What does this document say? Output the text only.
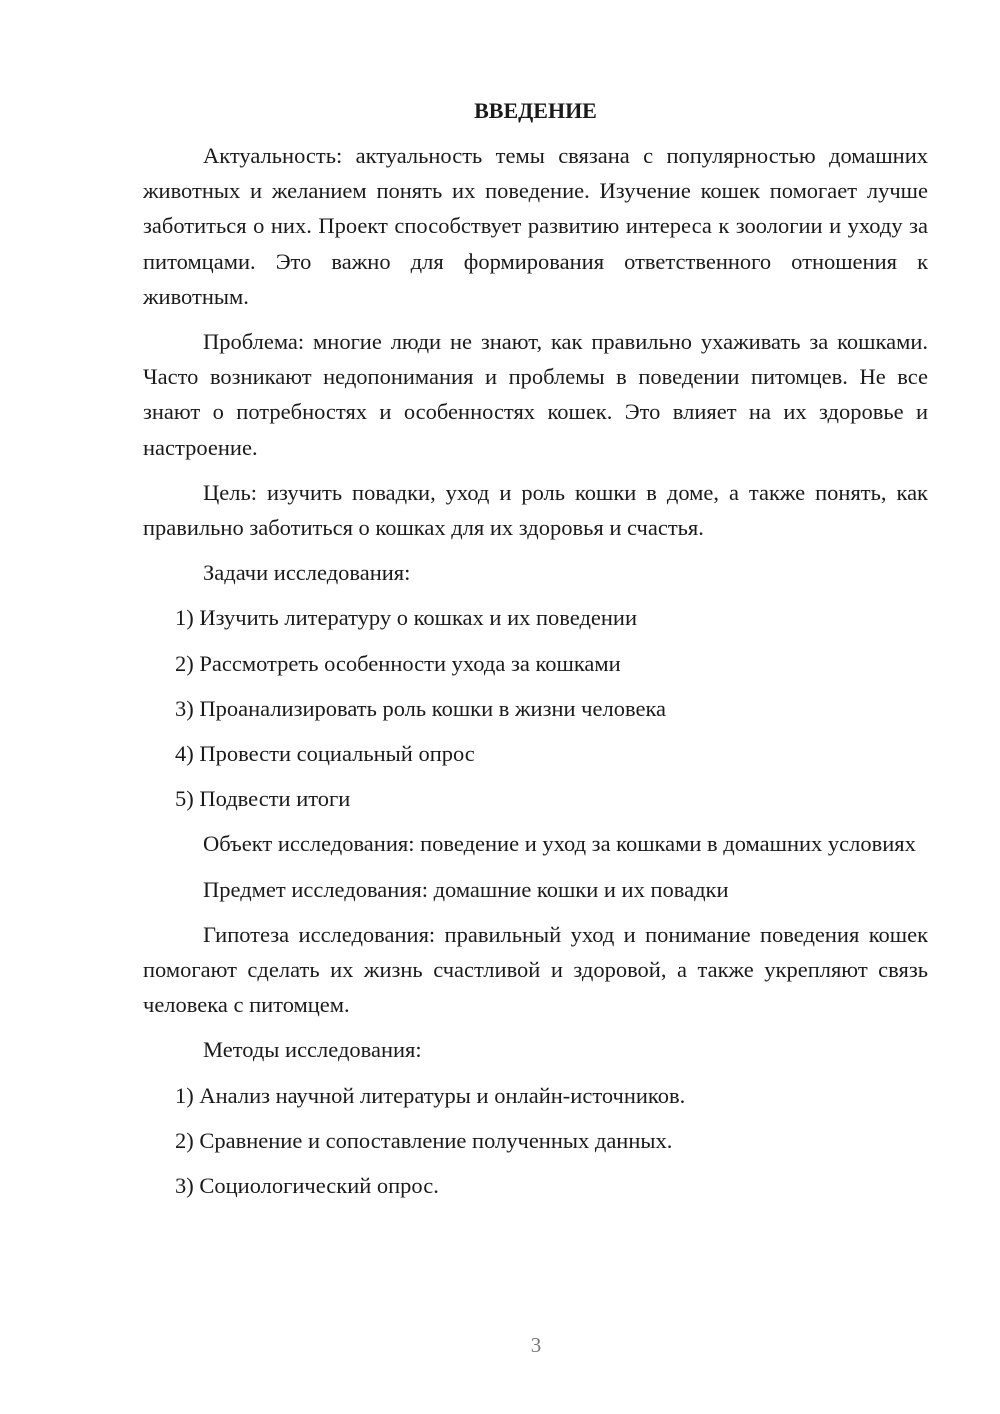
ВВЕДЕНИЕ

Актуальность: актуальность темы связана с популярностью домашних животных и желанием понять их поведение. Изучение кошек помогает лучше заботиться о них. Проект способствует развитию интереса к зоологии и уходу за питомцами. Это важно для формирования ответственного отношения к животным.

Проблема: многие люди не знают, как правильно ухаживать за кошками. Часто возникают недопонимания и проблемы в поведении питомцев. Не все знают о потребностях и особенностях кошек. Это влияет на их здоровье и настроение.

Цель: изучить повадки, уход и роль кошки в доме, а также понять, как правильно заботиться о кошках для их здоровья и счастья.

Задачи исследования:

1) Изучить литературу о кошках и их поведении
2) Рассмотреть особенности ухода за кошками
3) Проанализировать роль кошки в жизни человека
4) Провести социальный опрос
5) Подвести итоги

Объект исследования: поведение и уход за кошками в домашних условиях

Предмет исследования: домашние кошки и их повадки

Гипотеза исследования: правильный уход и понимание поведения кошек помогают сделать их жизнь счастливой и здоровой, а также укрепляют связь человека с питомцем.

Методы исследования:

1) Анализ научной литературы и онлайн-источников.
2) Сравнение и сопоставление полученных данных.
3) Социологический опрос.
3
